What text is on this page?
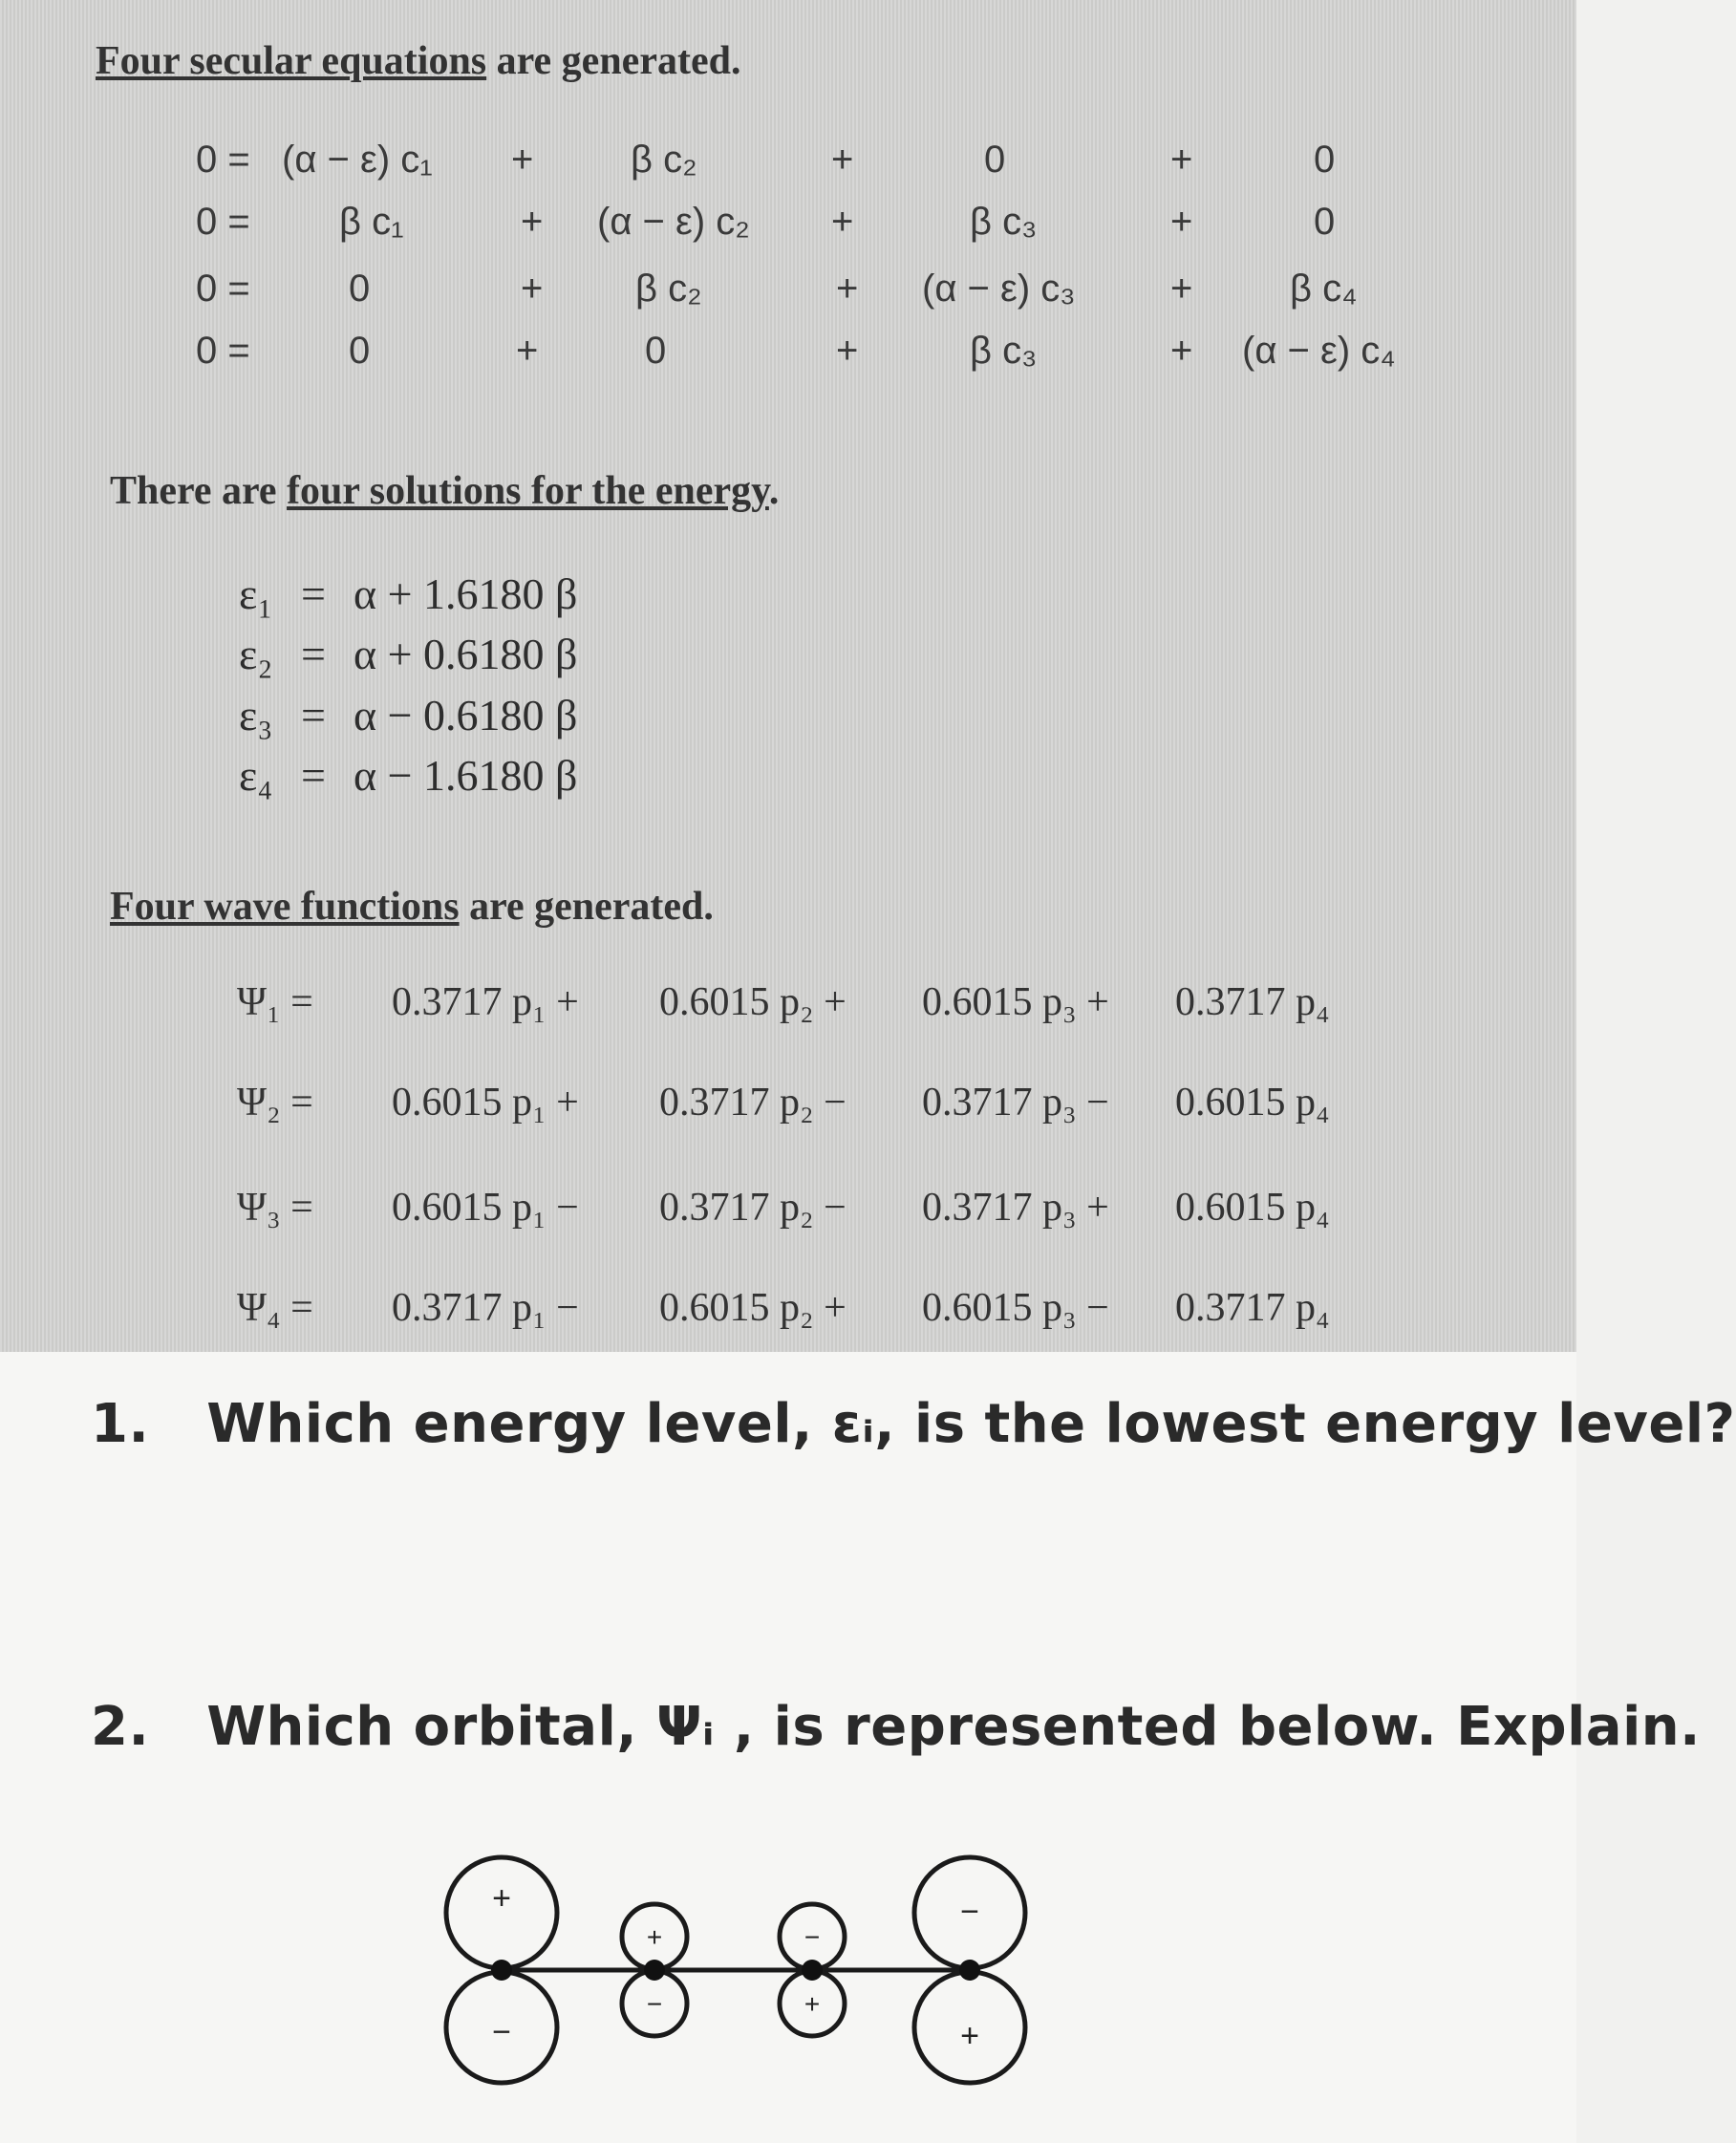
Four secular equations are generated.
0 = (α − ε) c₁ +	β c₂	+	0	+	0
0 = β c₁	+ (α − ε) c₂ +	β c₃	+	0
0 =	0	+ β c₂	+ (α − ε) c₃ +	β c₄
0 =	0	+	0	+	β c₃	+ (α − ε) c₄
There are four solutions for the energy.
ε₁ = α + 1.6180 β
ε₂ = α + 0.6180 β
ε₃ = α − 0.6180 β
ε₄ = α − 1.6180 β
Four wave functions are generated.
Ψ₁ = 0.3717 p₁ + 0.6015 p₂ + 0.6015 p₃ + 0.3717 p₄
Ψ₂ = 0.6015 p₁ + 0.3717 p₂ − 0.3717 p₃ − 0.6015 p₄
Ψ₃ = 0.6015 p₁ − 0.3717 p₂ − 0.3717 p₃ + 0.6015 p₄
Ψ₄ = 0.3717 p₁ − 0.6015 p₂ + 0.6015 p₃ − 0.3717 p₄
1. Which energy level, εᵢ, is the lowest energy level?
2. Which orbital, Ψᵢ , is represented below. Explain.
+
−
+
−
−
+
−
+
